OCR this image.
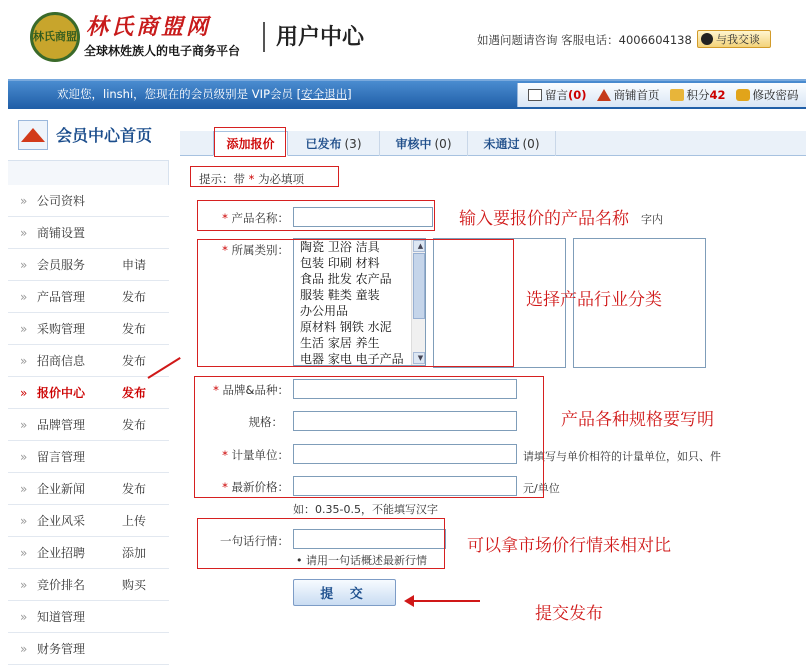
林氏商盟 林氏商盟网
全球林姓族人的电子商务平台
用户中心	如遇问题请咨询 客服电话：4006604138 与我交谈
欢迎您，linshi，您现在的会员级别是 VIP会员 [安全退出]	留言 (0) 商铺首页 积分 42 修改密码
会员中心首页
» 公司资料
» 商铺设置
» 会员服务	申请
» 产品管理	发布
» 采购管理	发布
» 招商信息	发布
» 报价中心	发布
» 品牌管理	发布
» 留言管理
» 企业新闻	发布
» 企业风采	上传
» 企业招聘	添加
» 竞价排名	购买
» 知道管理
» 财务管理
添加报价	已发布 (3)	审核中 (0)	未通过 (0)
提示：带 * 为必填项
* 产品名称：	字内
输入要报价的产品名称
* 所属类别： 陶瓷 卫浴 洁具
包装 印刷 材料
食品 批发 农产品
服装 鞋类 童装
办公用品
原材料 钢铁 水泥
生活 家居 养生
电器 家电 电子产品
▲
▼
选择产品行业分类
* 品牌&品种：
规格：
* 计量单位：	请填写与单价相符的计量单位，如只、件
* 最新价格：	元/单位
如：0.35-0.5，不能填写汉字
产品各种规格要写明
一句话行情：
• 请用一句话概述最新行情
可以拿市场价行情来相对比
提 交
提交发布
